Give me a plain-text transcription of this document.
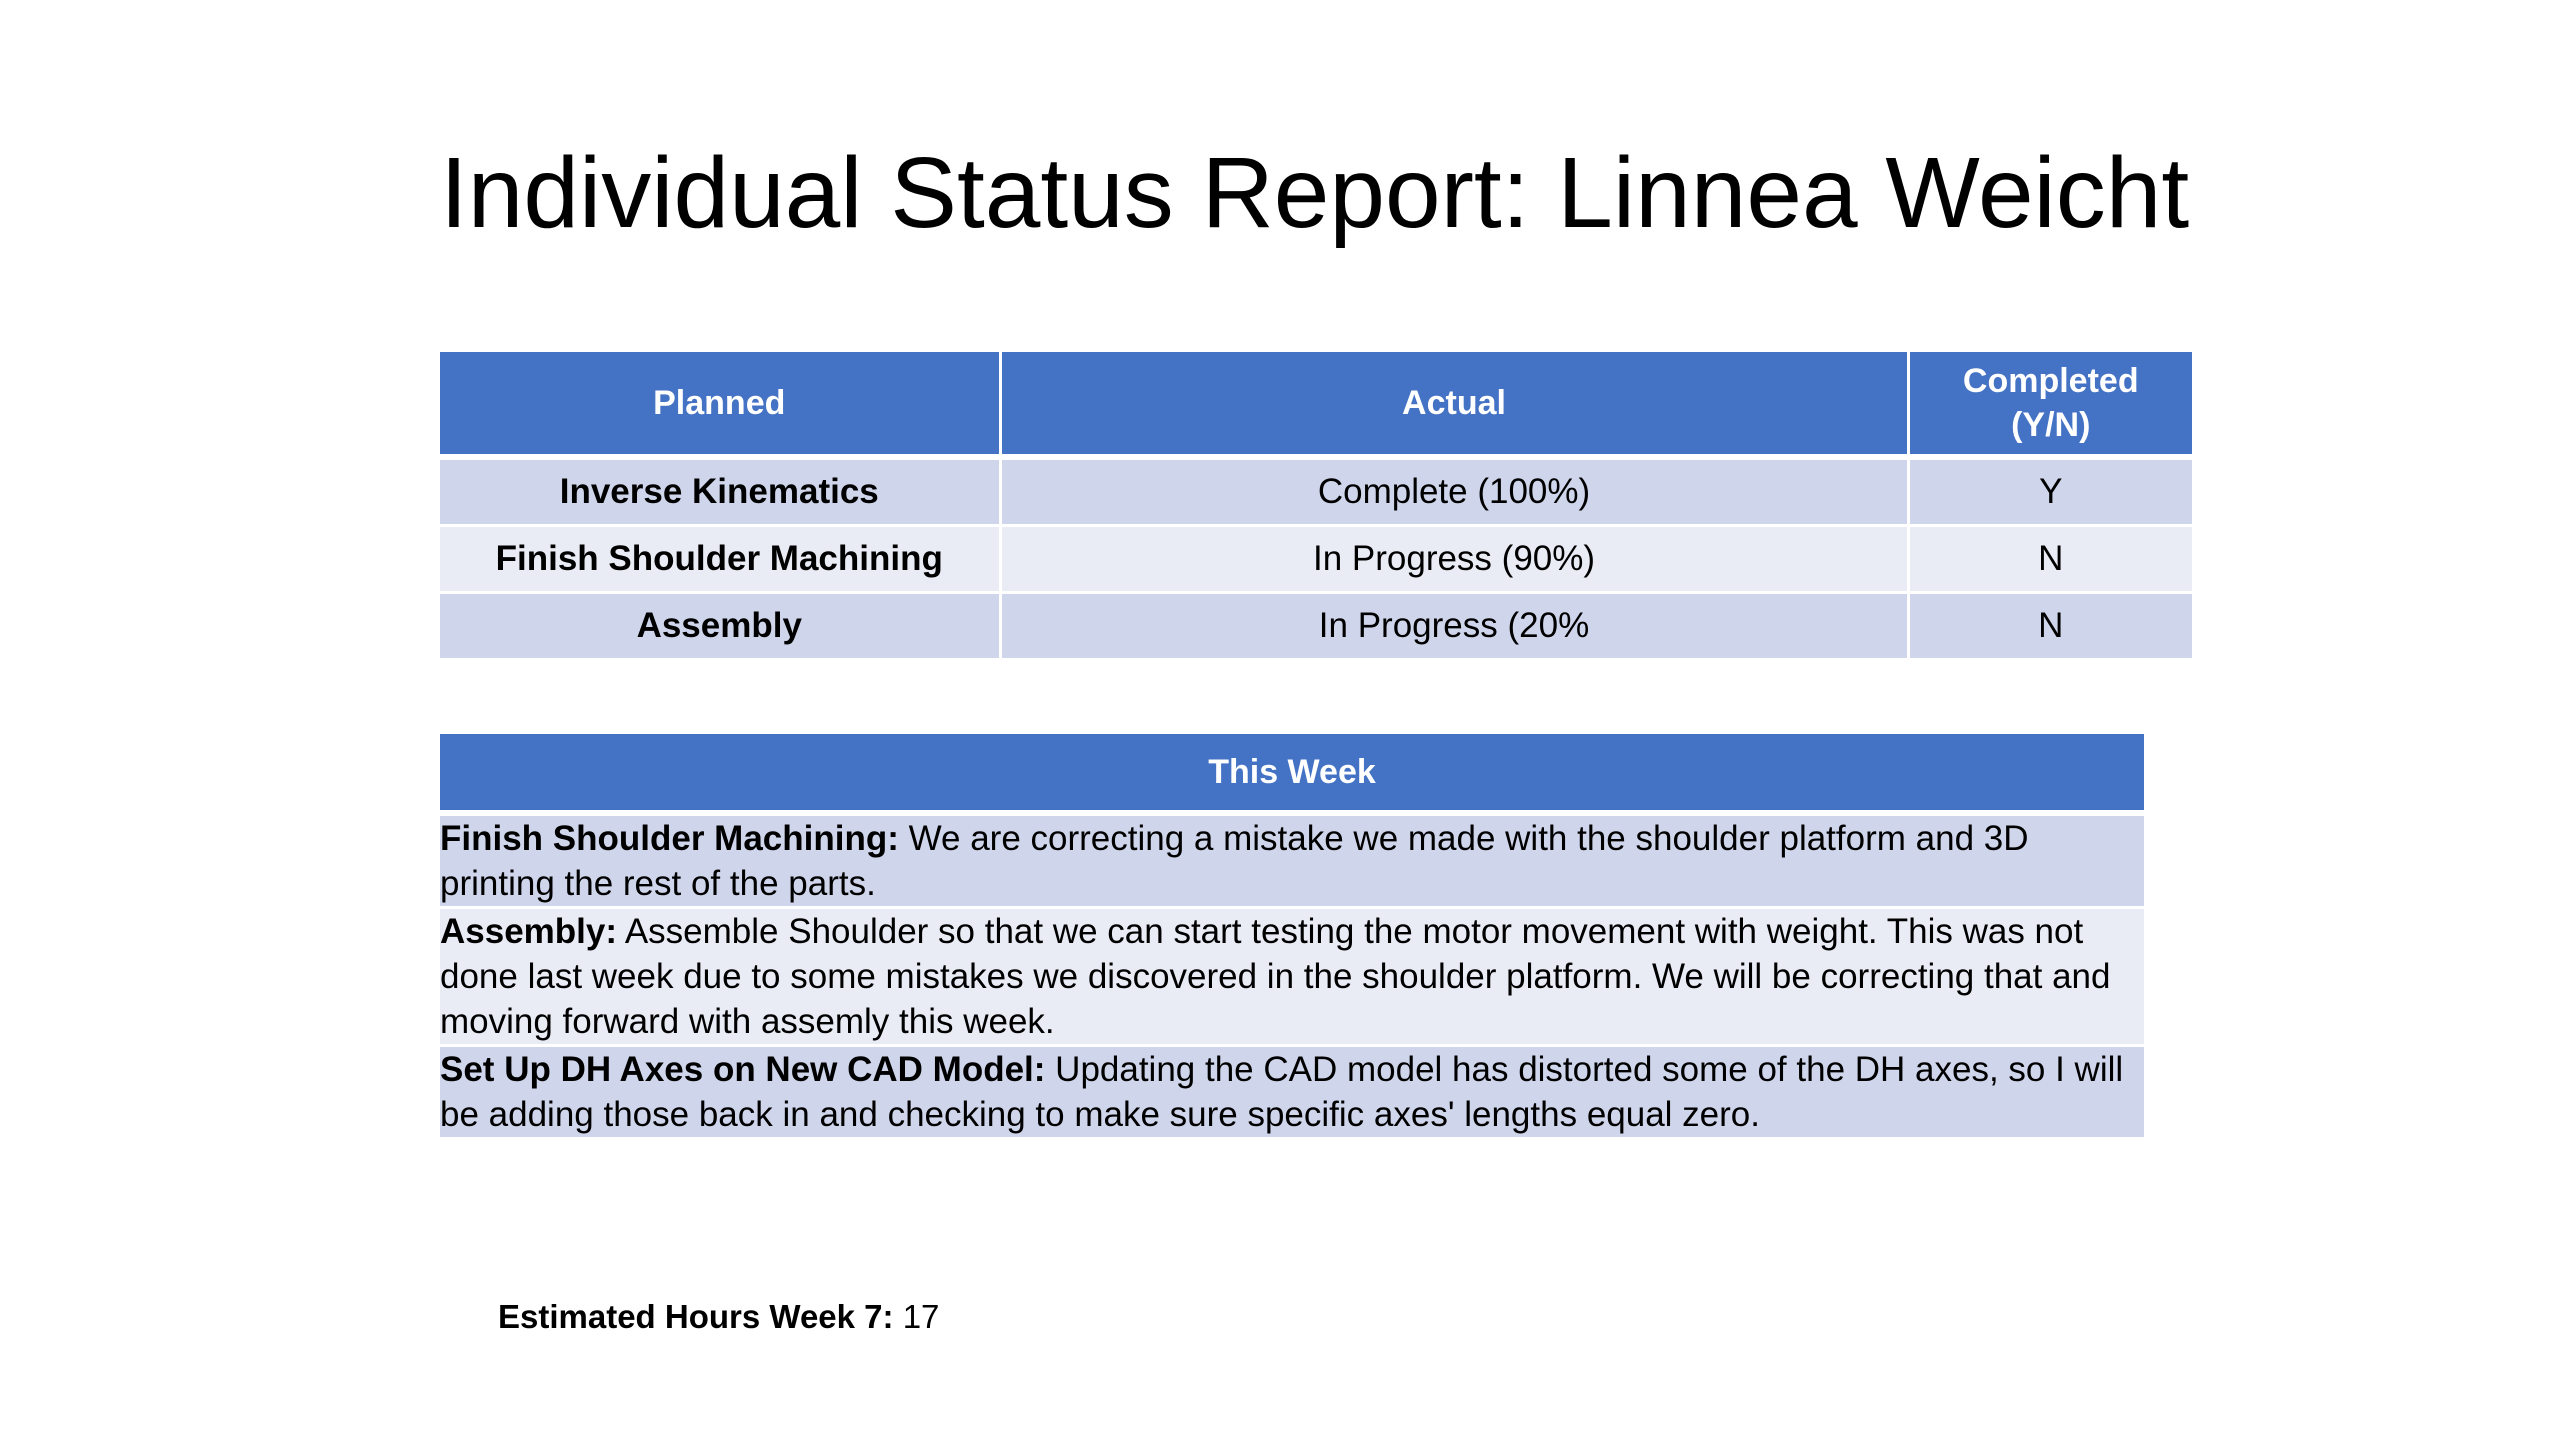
Individual Status Report: Linnea Weicht
Planned	Actual	Completed (Y/N)
Inverse Kinematics	Complete (100%)	Y
Finish Shoulder Machining	In Progress (90%)	N
Assembly	In Progress (20%	N
This Week
Finish Shoulder Machining: We are correcting a mistake we made with the shoulder platform and 3D printing the rest of the parts.
Assembly: Assemble Shoulder so that we can start testing the motor movement with weight. This was not done last week due to some mistakes we discovered in the shoulder platform. We will be correcting that and moving forward with assemly this week.
Set Up DH Axes on New CAD Model: Updating the CAD model has distorted some of the DH axes, so I will be adding those back in and checking to make sure specific axes' lengths equal zero.
Estimated Hours Week 7: 17
